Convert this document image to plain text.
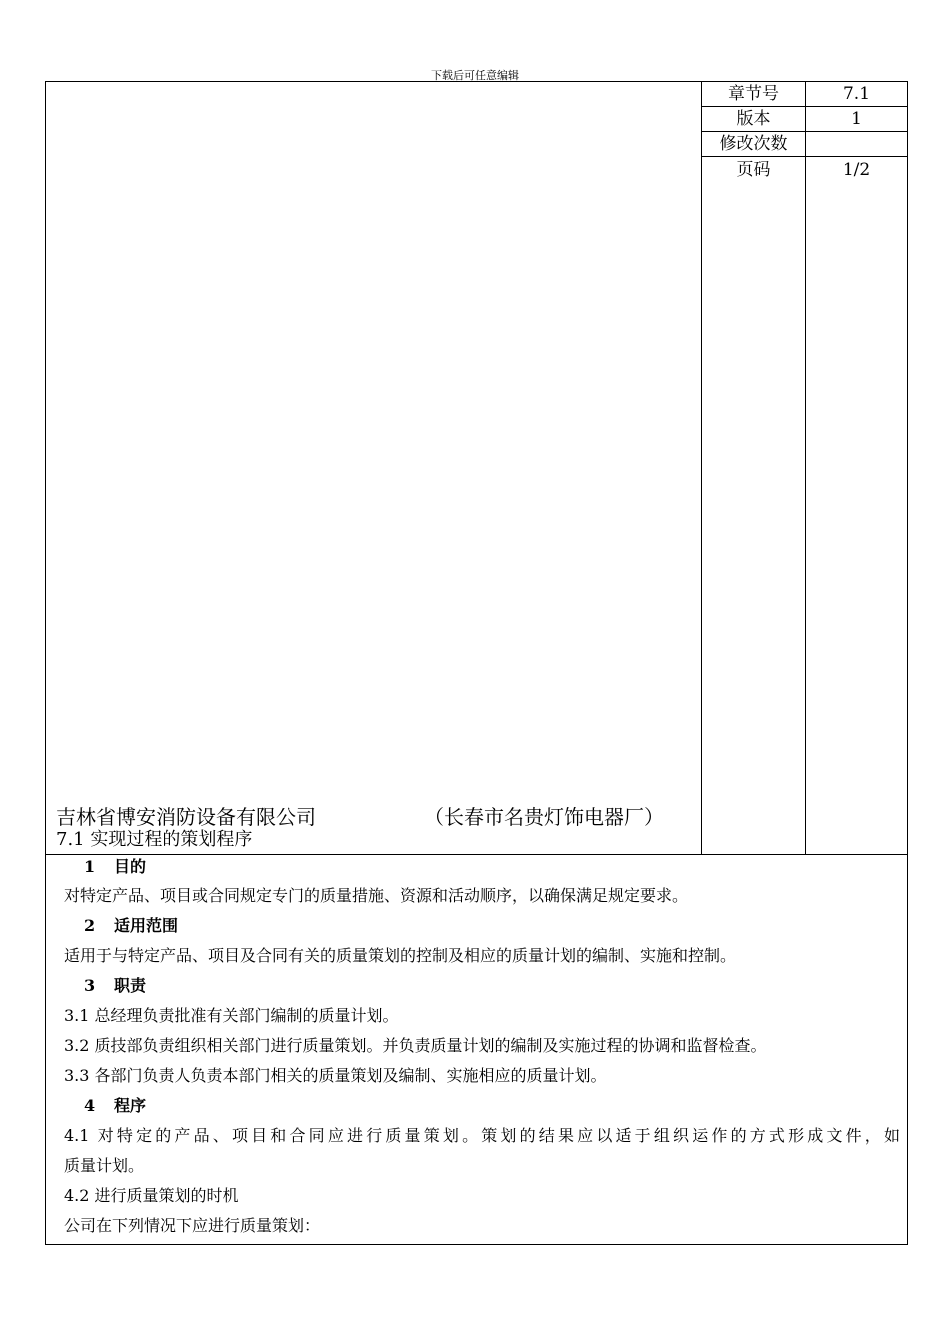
下载后可任意编辑
吉林省博安消防设备有限公司	（长春市名贵灯饰电器厂）
7.1 实现过程的策划程序
章节号	7.1
版本	1
修改次数
页码	1/2
1 目的
对特定产品、项目或合同规定专门的质量措施、资源和活动顺序，以确保满足规定要求。
2 适用范围
适用于与特定产品、项目及合同有关的质量策划的控制及相应的质量计划的编制、实施和控制。
3 职责
3.1 总经理负责批准有关部门编制的质量计划。
3.2 质技部负责组织相关部门进行质量策划。并负责质量计划的编制及实施过程的协调和监督检查。
3.3 各部门负责人负责本部门相关的质量策划及编制、实施相应的质量计划。
4 程序
4.1 对特定的产品、项目和合同应进行质量策划。策划的结果应以适于组织运作的方式形成文件，如
质量计划。
4.2 进行质量策划的时机
公司在下列情况下应进行质量策划：
